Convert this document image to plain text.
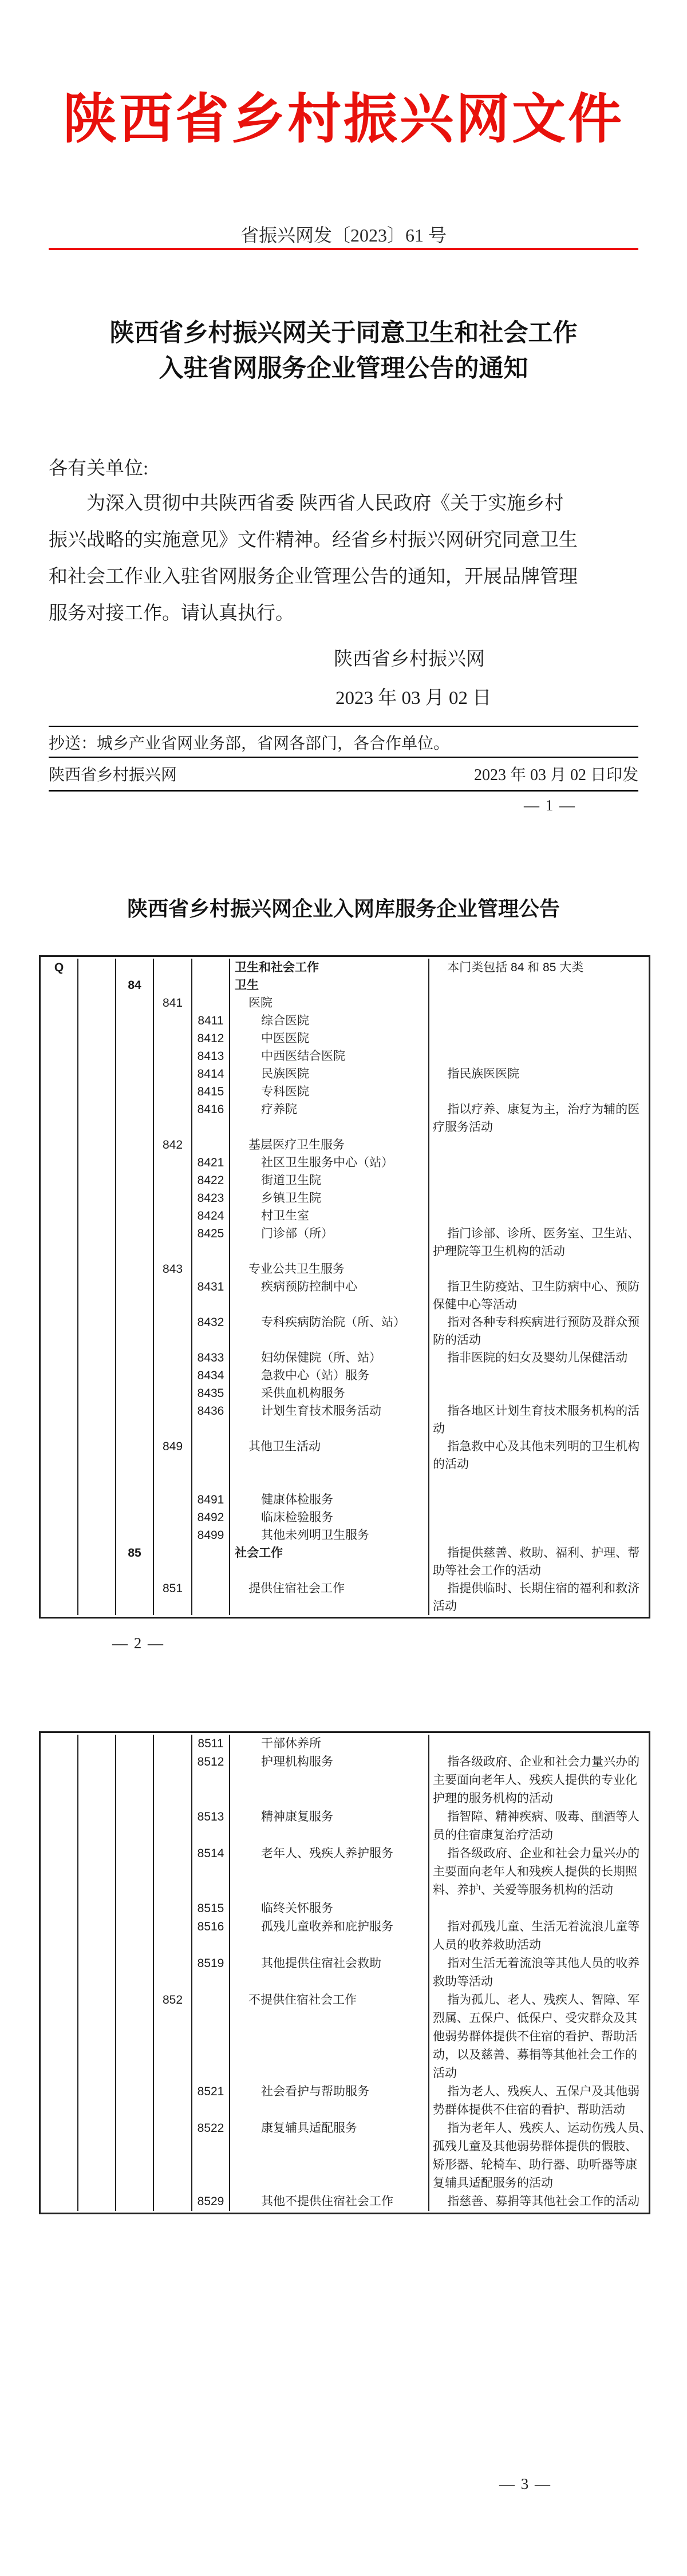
陕西省乡村振兴网文件
省振兴网发〔2023〕61 号
陕西省乡村振兴网关于同意卫生和社会工作
入驻省网服务企业管理公告的通知
各有关单位:
为深入贯彻中共陕西省委 陕西省人民政府《关于实施乡村
振兴战略的实施意见》文件精神。经省乡村振兴网研究同意卫生
和社会工作业入驻省网服务企业管理公告的通知，开展品牌管理
服务对接工作。请认真执行。
陕西省乡村振兴网
2023 年 03 月 02 日
抄送：城乡产业省网业务部，省网各部门，各合作单位。
陕西省乡村振兴网	2023 年 03 月 02 日印发
— 1 —
陕西省乡村振兴网企业入网库服务企业管理公告
Q	卫生和社会工作	本门类包括 84 和 85 大类
84	卫生
841	医院
8411	综合医院
8412	中医医院
8413	中西医结合医院
8414	民族医院	指民族医医院
8415	专科医院
8416	疗养院	指以疗养、康复为主，治疗为辅的医
疗服务活动
842	基层医疗卫生服务
8421	社区卫生服务中心（站）
8422	街道卫生院
8423	乡镇卫生院
8424	村卫生室
8425	门诊部（所）	指门诊部、诊所、医务室、卫生站、
护理院等卫生机构的活动
843	专业公共卫生服务
8431	疾病预防控制中心	指卫生防疫站、卫生防病中心、预防
保健中心等活动
8432	专科疾病防治院（所、站）	指对各种专科疾病进行预防及群众预
防的活动
8433	妇幼保健院（所、站）	指非医院的妇女及婴幼儿保健活动
8434	急救中心（站）服务
8435	采供血机构服务
8436	计划生育技术服务活动	指各地区计划生育技术服务机构的活
动
849	其他卫生活动	指急救中心及其他未列明的卫生机构
的活动
8491	健康体检服务
8492	临床检验服务
8499	其他未列明卫生服务
85	社会工作	指提供慈善、救助、福利、护理、帮
助等社会工作的活动
851	提供住宿社会工作	指提供临时、长期住宿的福利和救济
活动
— 2 —
8511	干部休养所
8512	护理机构服务	指各级政府、企业和社会力量兴办的
主要面向老年人、残疾人提供的专业化
护理的服务机构的活动
8513	精神康复服务	指智障、精神疾病、吸毒、酗酒等人
员的住宿康复治疗活动
8514	老年人、残疾人养护服务	指各级政府、企业和社会力量兴办的
主要面向老年人和残疾人提供的长期照
料、养护、关爱等服务机构的活动
8515	临终关怀服务
8516	孤残儿童收养和庇护服务	指对孤残儿童、生活无着流浪儿童等
人员的收养救助活动
8519	其他提供住宿社会救助	指对生活无着流浪等其他人员的收养
救助等活动
852	不提供住宿社会工作	指为孤儿、老人、残疾人、智障、军
烈属、五保户、低保户、受灾群众及其
他弱势群体提供不住宿的看护、帮助活
动，以及慈善、募捐等其他社会工作的
活动
8521	社会看护与帮助服务	指为老人、残疾人、五保户及其他弱
势群体提供不住宿的看护、帮助活动
8522	康复辅具适配服务	指为老年人、残疾人、运动伤残人员、
孤残儿童及其他弱势群体提供的假肢、
矫形器、轮椅车、助行器、助听器等康
复辅具适配服务的活动
8529	其他不提供住宿社会工作	指慈善、募捐等其他社会工作的活动
— 3 —
